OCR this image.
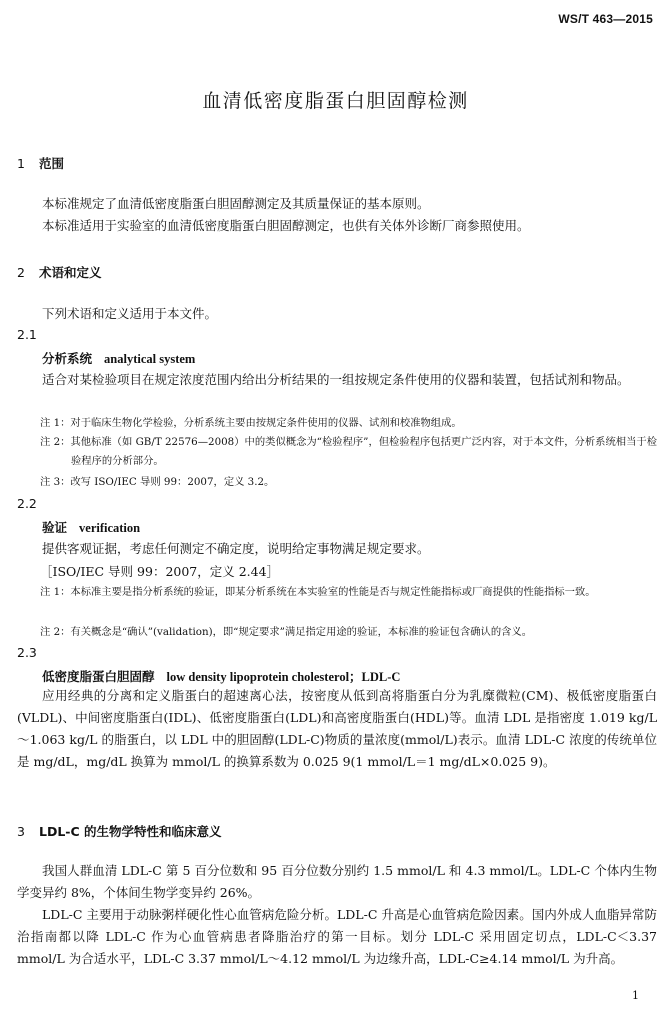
WS/T 463—2015
血清低密度脂蛋白胆固醇检测
1 范围
本标准规定了血清低密度脂蛋白胆固醇测定及其质量保证的基本原则。
本标准适用于实验室的血清低密度脂蛋白胆固醇测定，也供有关体外诊断厂商参照使用。
2 术语和定义
下列术语和定义适用于本文件。
2.1
分析系统 analytical system
适合对某检验项目在规定浓度范围内给出分析结果的一组按规定条件使用的仪器和装置，包括试剂和物品。
注 1：对于临床生物化学检验，分析系统主要由按规定条件使用的仪器、试剂和校准物组成。
注 2：其他标准（如 GB/T 22576—2008）中的类似概念为“检验程序”，但检验程序包括更广泛内容，对于本文件，分析系统相当于检验程序的分析部分。
注 3：改写 ISO/IEC 导则 99：2007，定义 3.2。
2.2
验证 verification
提供客观证据，考虑任何测定不确定度，说明给定事物满足规定要求。
［ISO/IEC 导则 99：2007，定义 2.44］
注 1：本标准主要是指分析系统的验证，即某分析系统在本实验室的性能是否与规定性能指标或厂商提供的性能指标一致。
注 2：有关概念是“确认”(validation)，即“规定要求”满足指定用途的验证，本标准的验证包含确认的含义。
2.3
低密度脂蛋白胆固醇 low density lipoprotein cholesterol；LDL-C
应用经典的分离和定义脂蛋白的超速离心法，按密度从低到高将脂蛋白分为乳糜微粒(CM)、极低密度脂蛋白(VLDL)、中间密度脂蛋白(IDL)、低密度脂蛋白(LDL)和高密度脂蛋白(HDL)等。血清 LDL 是指密度 1.019 kg/L～1.063 kg/L 的脂蛋白，以 LDL 中的胆固醇(LDL-C)物质的量浓度(mmol/L)表示。血清 LDL-C 浓度的传统单位是 mg/dL，mg/dL 换算为 mmol/L 的换算系数为 0.025 9(1 mmol/L＝1 mg/dL×0.025 9)。
3 LDL-C 的生物学特性和临床意义
我国人群血清 LDL-C 第 5 百分位数和 95 百分位数分别约 1.5 mmol/L 和 4.3 mmol/L。LDL-C 个体内生物学变异约 8%，个体间生物学变异约 26%。
LDL-C 主要用于动脉粥样硬化性心血管病危险分析。LDL-C 升高是心血管病危险因素。国内外成人血脂异常防治指南都以降 LDL-C 作为心血管病患者降脂治疗的第一目标。划分 LDL-C 采用固定切点，LDL-C＜3.37 mmol/L 为合适水平，LDL-C 3.37 mmol/L～4.12 mmol/L 为边缘升高，LDL-C≥4.14 mmol/L 为升高。
1
